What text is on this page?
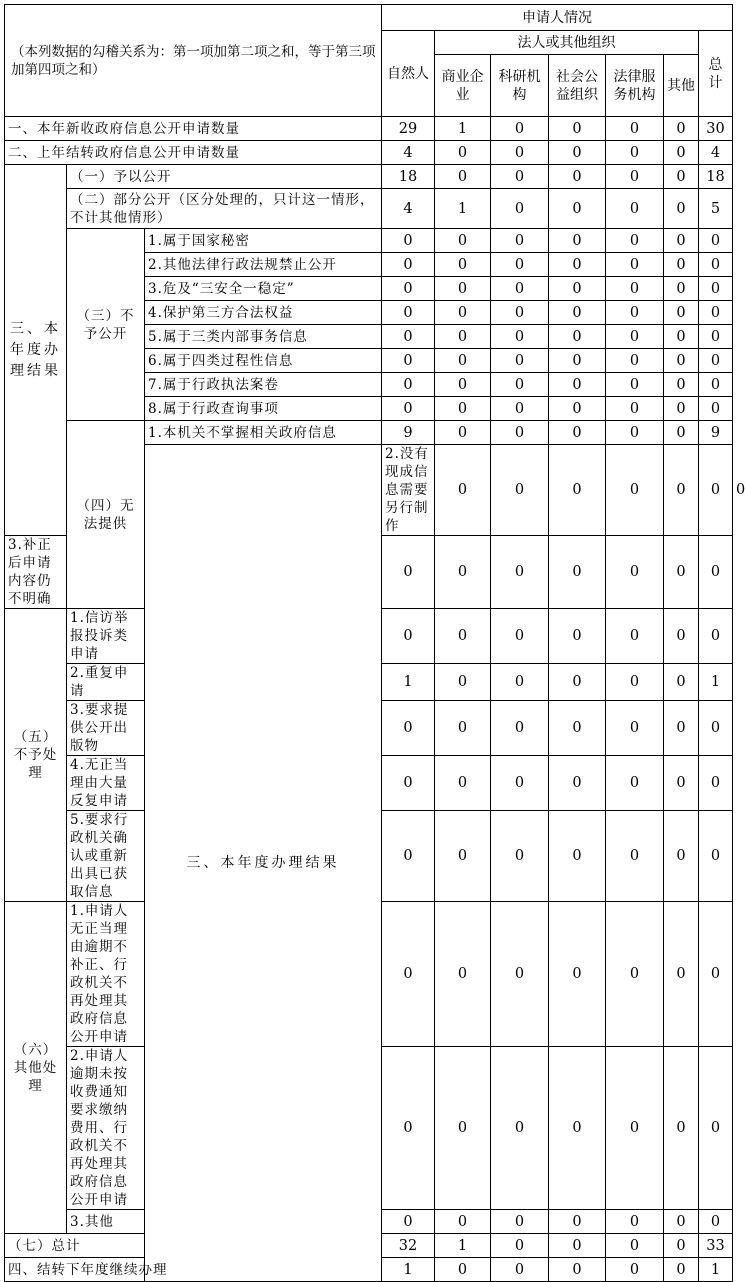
（本列数据的勾稽关系为：第一项加第二项之和，等于第三项加第四项之和）			申请人情况							
			自然人	法人或其他组织					总计	
				商业企业	科研机构	社会公益组织	法律服务机构	其他		
一、本年新收政府信息公开申请数量			29	1	0	0	0	0	30	
二、上年结转政府信息公开申请数量			4	0	0	0	0	0	4	
三、本年度办理结果	（一）予以公开		18	0	0	0	0	0	18	
	（二）部分公开（区分处理的，只计这一情形，不计其他情形）		4	1	0	0	0	0	5	
	（三）不予公开	1.属于国家秘密	0	0	0	0	0	0	0	
		2.其他法律行政法规禁止公开	0	0	0	0	0	0	0	
		3.危及“三安全一稳定”	0	0	0	0	0	0	0	
		4.保护第三方合法权益	0	0	0	0	0	0	0	
		5.属于三类内部事务信息	0	0	0	0	0	0	0	
		6.属于四类过程性信息	0	0	0	0	0	0	0	
		7.属于行政执法案卷	0	0	0	0	0	0	0	
		8.属于行政查询事项	0	0	0	0	0	0	0	
	（四）无法提供	1.本机关不掌握相关政府信息	9	0	0	0	0	0	9	
		三、本年度办理结果	2.没有现成信息需要另行制作	0	0	0	0	0	0	0
3.补正后申请内容仍不明确			0	0	0	0	0	0	0	
（五）不予处理	1.信访举报投诉类申请		0	0	0	0	0	0	0	
	2.重复申请		1	0	0	0	0	0	1	
	3.要求提供公开出版物		0	0	0	0	0	0	0	
	4.无正当理由大量反复申请		0	0	0	0	0	0	0	
	5.要求行政机关确认或重新出具已获取信息		0	0	0	0	0	0	0	
（六）其他处理	1.申请人无正当理由逾期不补正、行政机关不再处理其政府信息公开申请		0	0	0	0	0	0	0	
	2.申请人逾期未按收费通知要求缴纳费用、行政机关不再处理其政府信息公开申请		0	0	0	0	0	0	0	
	3.其他		0	0	0	0	0	0	0	
（七）总计			32	1	0	0	0	0	33	
四、结转下年度继续办理			1	0	0	0	0	0	1	
